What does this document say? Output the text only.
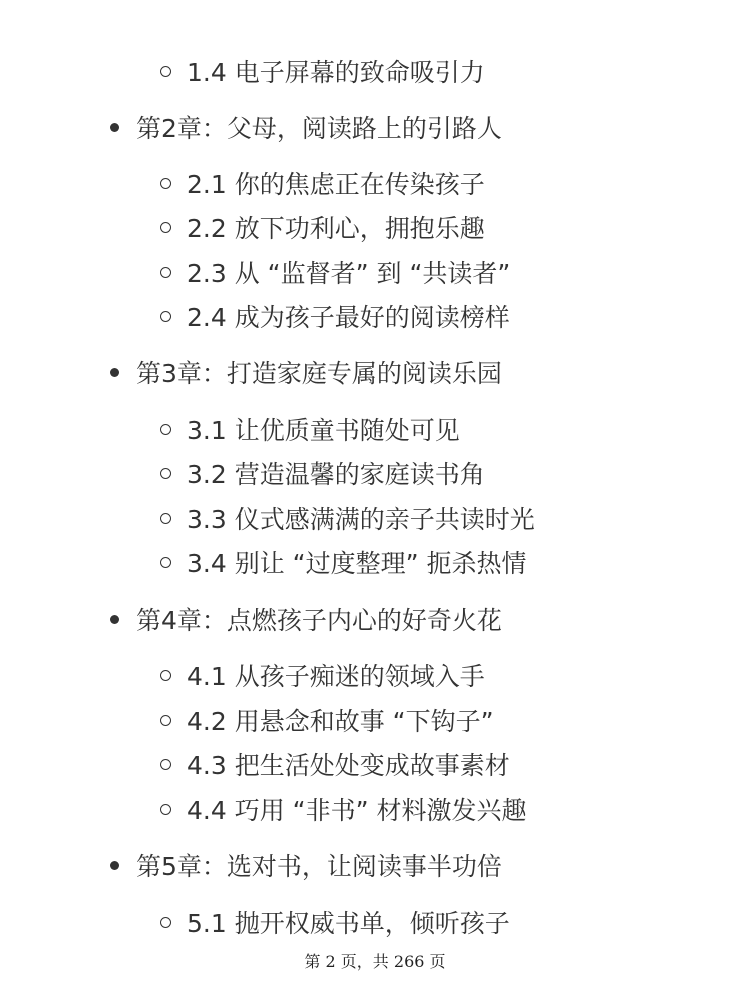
1.4 电子屏幕的致命吸引力
第2章：父母，阅读路上的引路人
2.1 你的焦虑正在传染孩子
2.2 放下功利心，拥抱乐趣
2.3 从 “监督者” 到 “共读者”
2.4 成为孩子最好的阅读榜样
第3章：打造家庭专属的阅读乐园
3.1 让优质童书随处可见
3.2 营造温馨的家庭读书角
3.3 仪式感满满的亲子共读时光
3.4 别让 “过度整理” 扼杀热情
第4章：点燃孩子内心的好奇火花
4.1 从孩子痴迷的领域入手
4.2 用悬念和故事 “下钩子”
4.3 把生活处处变成故事素材
4.4 巧用 “非书” 材料激发兴趣
第5章：选对书，让阅读事半功倍
5.1 抛开权威书单，倾听孩子
第 2 页，共 266 页
